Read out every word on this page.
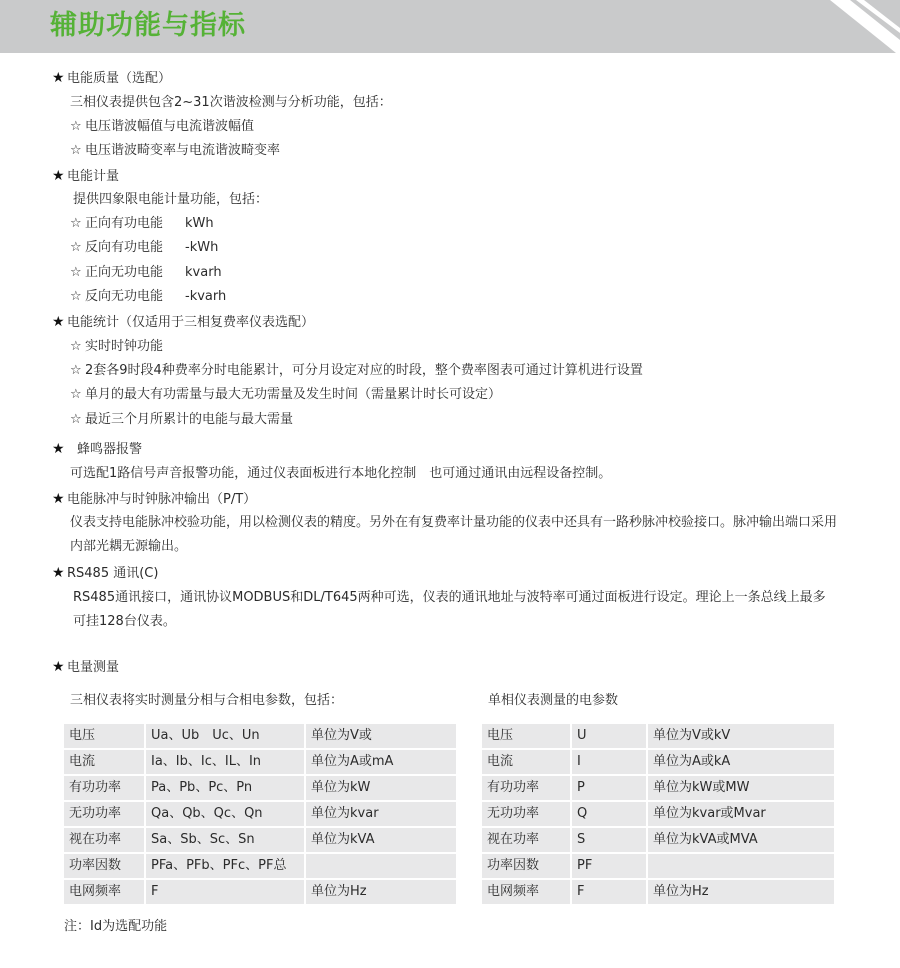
辅助功能与指标
★ 电能质量（选配）
三相仪表提供包含2~31次谐波检测与分析功能，包括：
☆ 电压谐波幅值与电流谐波幅值
☆ 电压谐波畸变率与电流谐波畸变率
★ 电能计量
提供四象限电能计量功能，包括：
☆ 正向有功电能 kWh
☆ 反向有功电能 -kWh
☆ 正向无功电能 kvarh
☆ 反向无功电能 -kvarh
★ 电能统计（仅适用于三相复费率仪表选配）
☆ 实时时钟功能
☆ 2套各9时段4种费率分时电能累计，可分月设定对应的时段，整个费率图表可通过计算机进行设置
☆ 单月的最大有功需量与最大无功需量及发生时间（需量累计时长可设定）
☆ 最近三个月所累计的电能与最大需量
★ 蜂鸣器报警
可选配1路信号声音报警功能，通过仪表面板进行本地化控制　也可通过通讯由远程设备控制。
★ 电能脉冲与时钟脉冲输出（P/T）
仪表支持电能脉冲校验功能，用以检测仪表的精度。另外在有复费率计量功能的仪表中还具有一路秒脉冲校验接口。脉冲输出端口采用内部光耦无源输出。
★ RS485 通讯(C)
RS485通讯接口，通讯协议MODBUS和DL/T645两种可选，仪表的通讯地址与波特率可通过面板进行设定。理论上一条总线上最多可挂128台仪表。
★ 电量测量
三相仪表将实时测量分相与合相电参数，包括：	单相仪表测量的电参数
电压	Ua、Ub　Uc、Un	单位为V或
电流	Ia、Ib、Ic、IL、In	单位为A或mA
有功功率	Pa、Pb、Pc、Pn	单位为kW
无功功率	Qa、Qb、Qc、Qn	单位为kvar
视在功率	Sa、Sb、Sc、Sn	单位为kVA
功率因数	PFa、PFb、PFc、PF总	
电网频率	F	单位为Hz
电压	U	单位为V或kV
电流	I	单位为A或kA
有功功率	P	单位为kW或MW
无功功率	Q	单位为kvar或Mvar
视在功率	S	单位为kVA或MVA
功率因数	PF	
电网频率	F	单位为Hz
注：Id为选配功能
